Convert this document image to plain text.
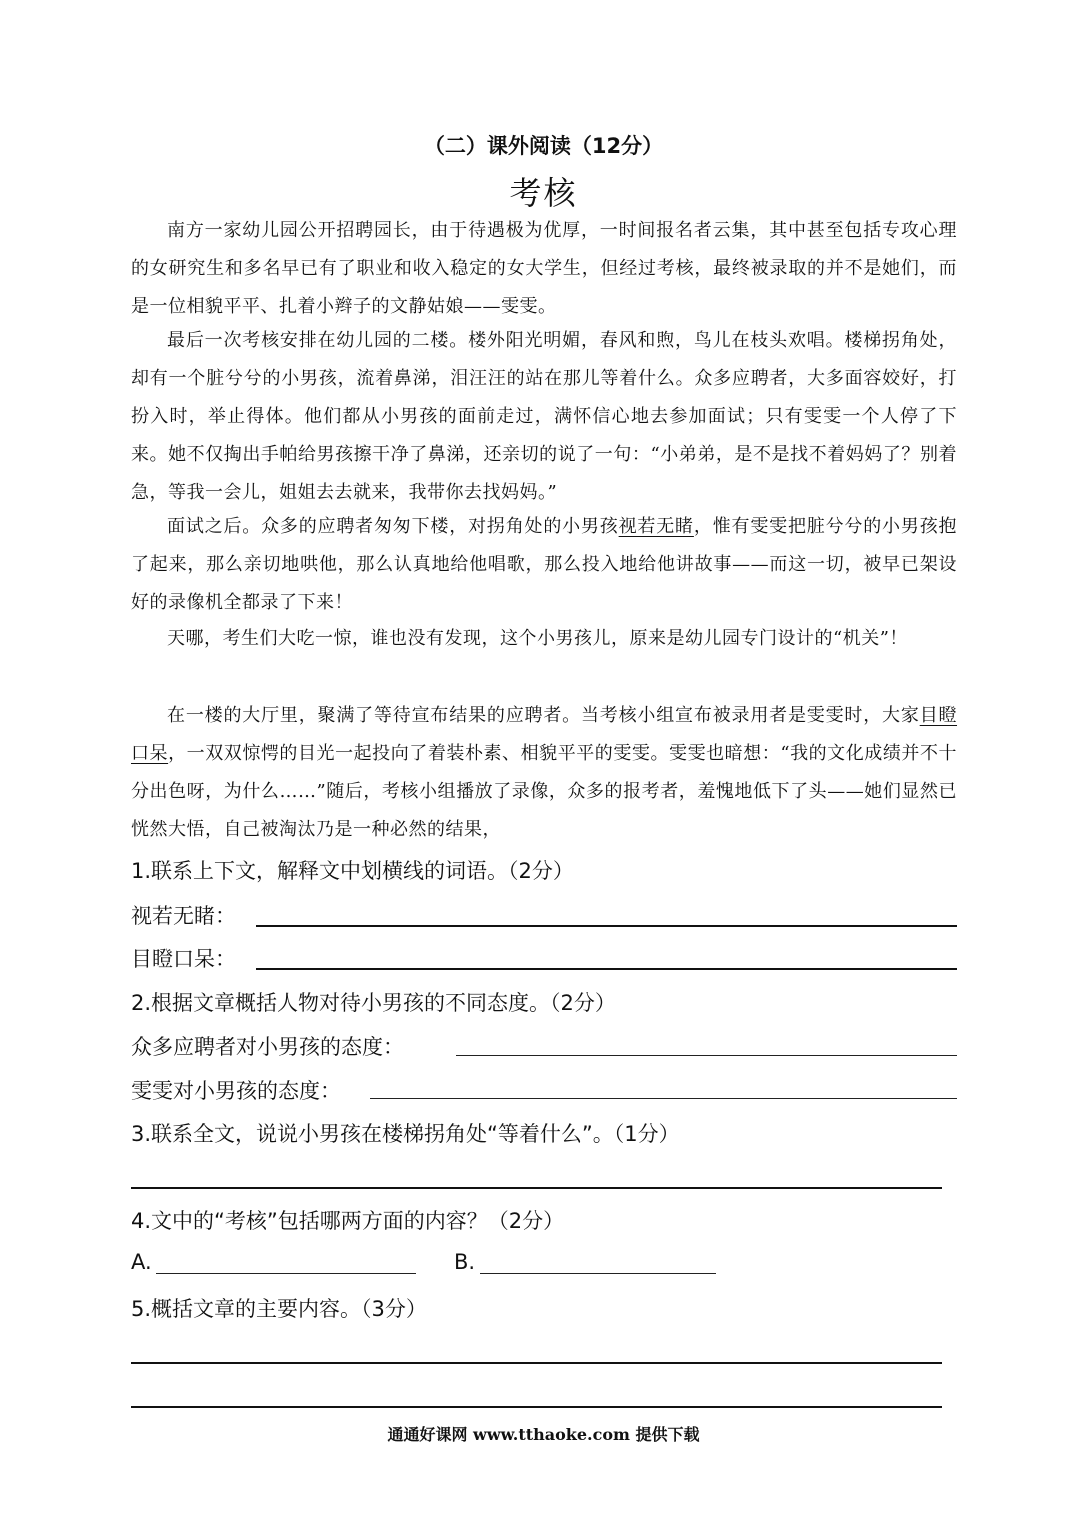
（二）课外阅读（12分）
考核
南方一家幼儿园公开招聘园长，由于待遇极为优厚，一时间报名者云集，其中甚至包括专攻心理的女研究生和多名早已有了职业和收入稳定的女大学生，但经过考核，最终被录取的并不是她们，而是一位相貌平平、扎着小辫子的文静姑娘——雯雯。
最后一次考核安排在幼儿园的二楼。楼外阳光明媚，春风和煦，鸟儿在枝头欢唱。楼梯拐角处，却有一个脏兮兮的小男孩，流着鼻涕，泪汪汪的站在那儿等着什么。众多应聘者，大多面容姣好，打扮入时，举止得体。他们都从小男孩的面前走过，满怀信心地去参加面试；只有雯雯一个人停了下来。她不仅掏出手帕给男孩擦干净了鼻涕，还亲切的说了一句：“小弟弟，是不是找不着妈妈了？别着急，等我一会儿，姐姐去去就来，我带你去找妈妈。”
面试之后。众多的应聘者匆匆下楼，对拐角处的小男孩视若无睹，惟有雯雯把脏兮兮的小男孩抱了起来，那么亲切地哄他，那么认真地给他唱歌，那么投入地给他讲故事——而这一切，被早已架设好的录像机全都录了下来！
天哪，考生们大吃一惊，谁也没有发现，这个小男孩儿，原来是幼儿园专门设计的“机关”！
在一楼的大厅里，聚满了等待宣布结果的应聘者。当考核小组宣布被录用者是雯雯时，大家目瞪口呆，一双双惊愕的目光一起投向了着装朴素、相貌平平的雯雯。雯雯也暗想：“我的文化成绩并不十分出色呀，为什么……”随后，考核小组播放了录像，众多的报考者，羞愧地低下了头——她们显然已恍然大悟，自己被淘汰乃是一种必然的结果，
1.联系上下文，解释文中划横线的词语。（2分）
视若无睹：
目瞪口呆：
2.根据文章概括人物对待小男孩的不同态度。（2分）
众多应聘者对小男孩的态度：
雯雯对小男孩的态度：
3.联系全文，说说小男孩在楼梯拐角处“等着什么”。（1分）
4.文中的“考核”包括哪两方面的内容？（2分）
A.	B.
5.概括文章的主要内容。（3分）
通通好课网 www.tthaoke.com 提供下载
